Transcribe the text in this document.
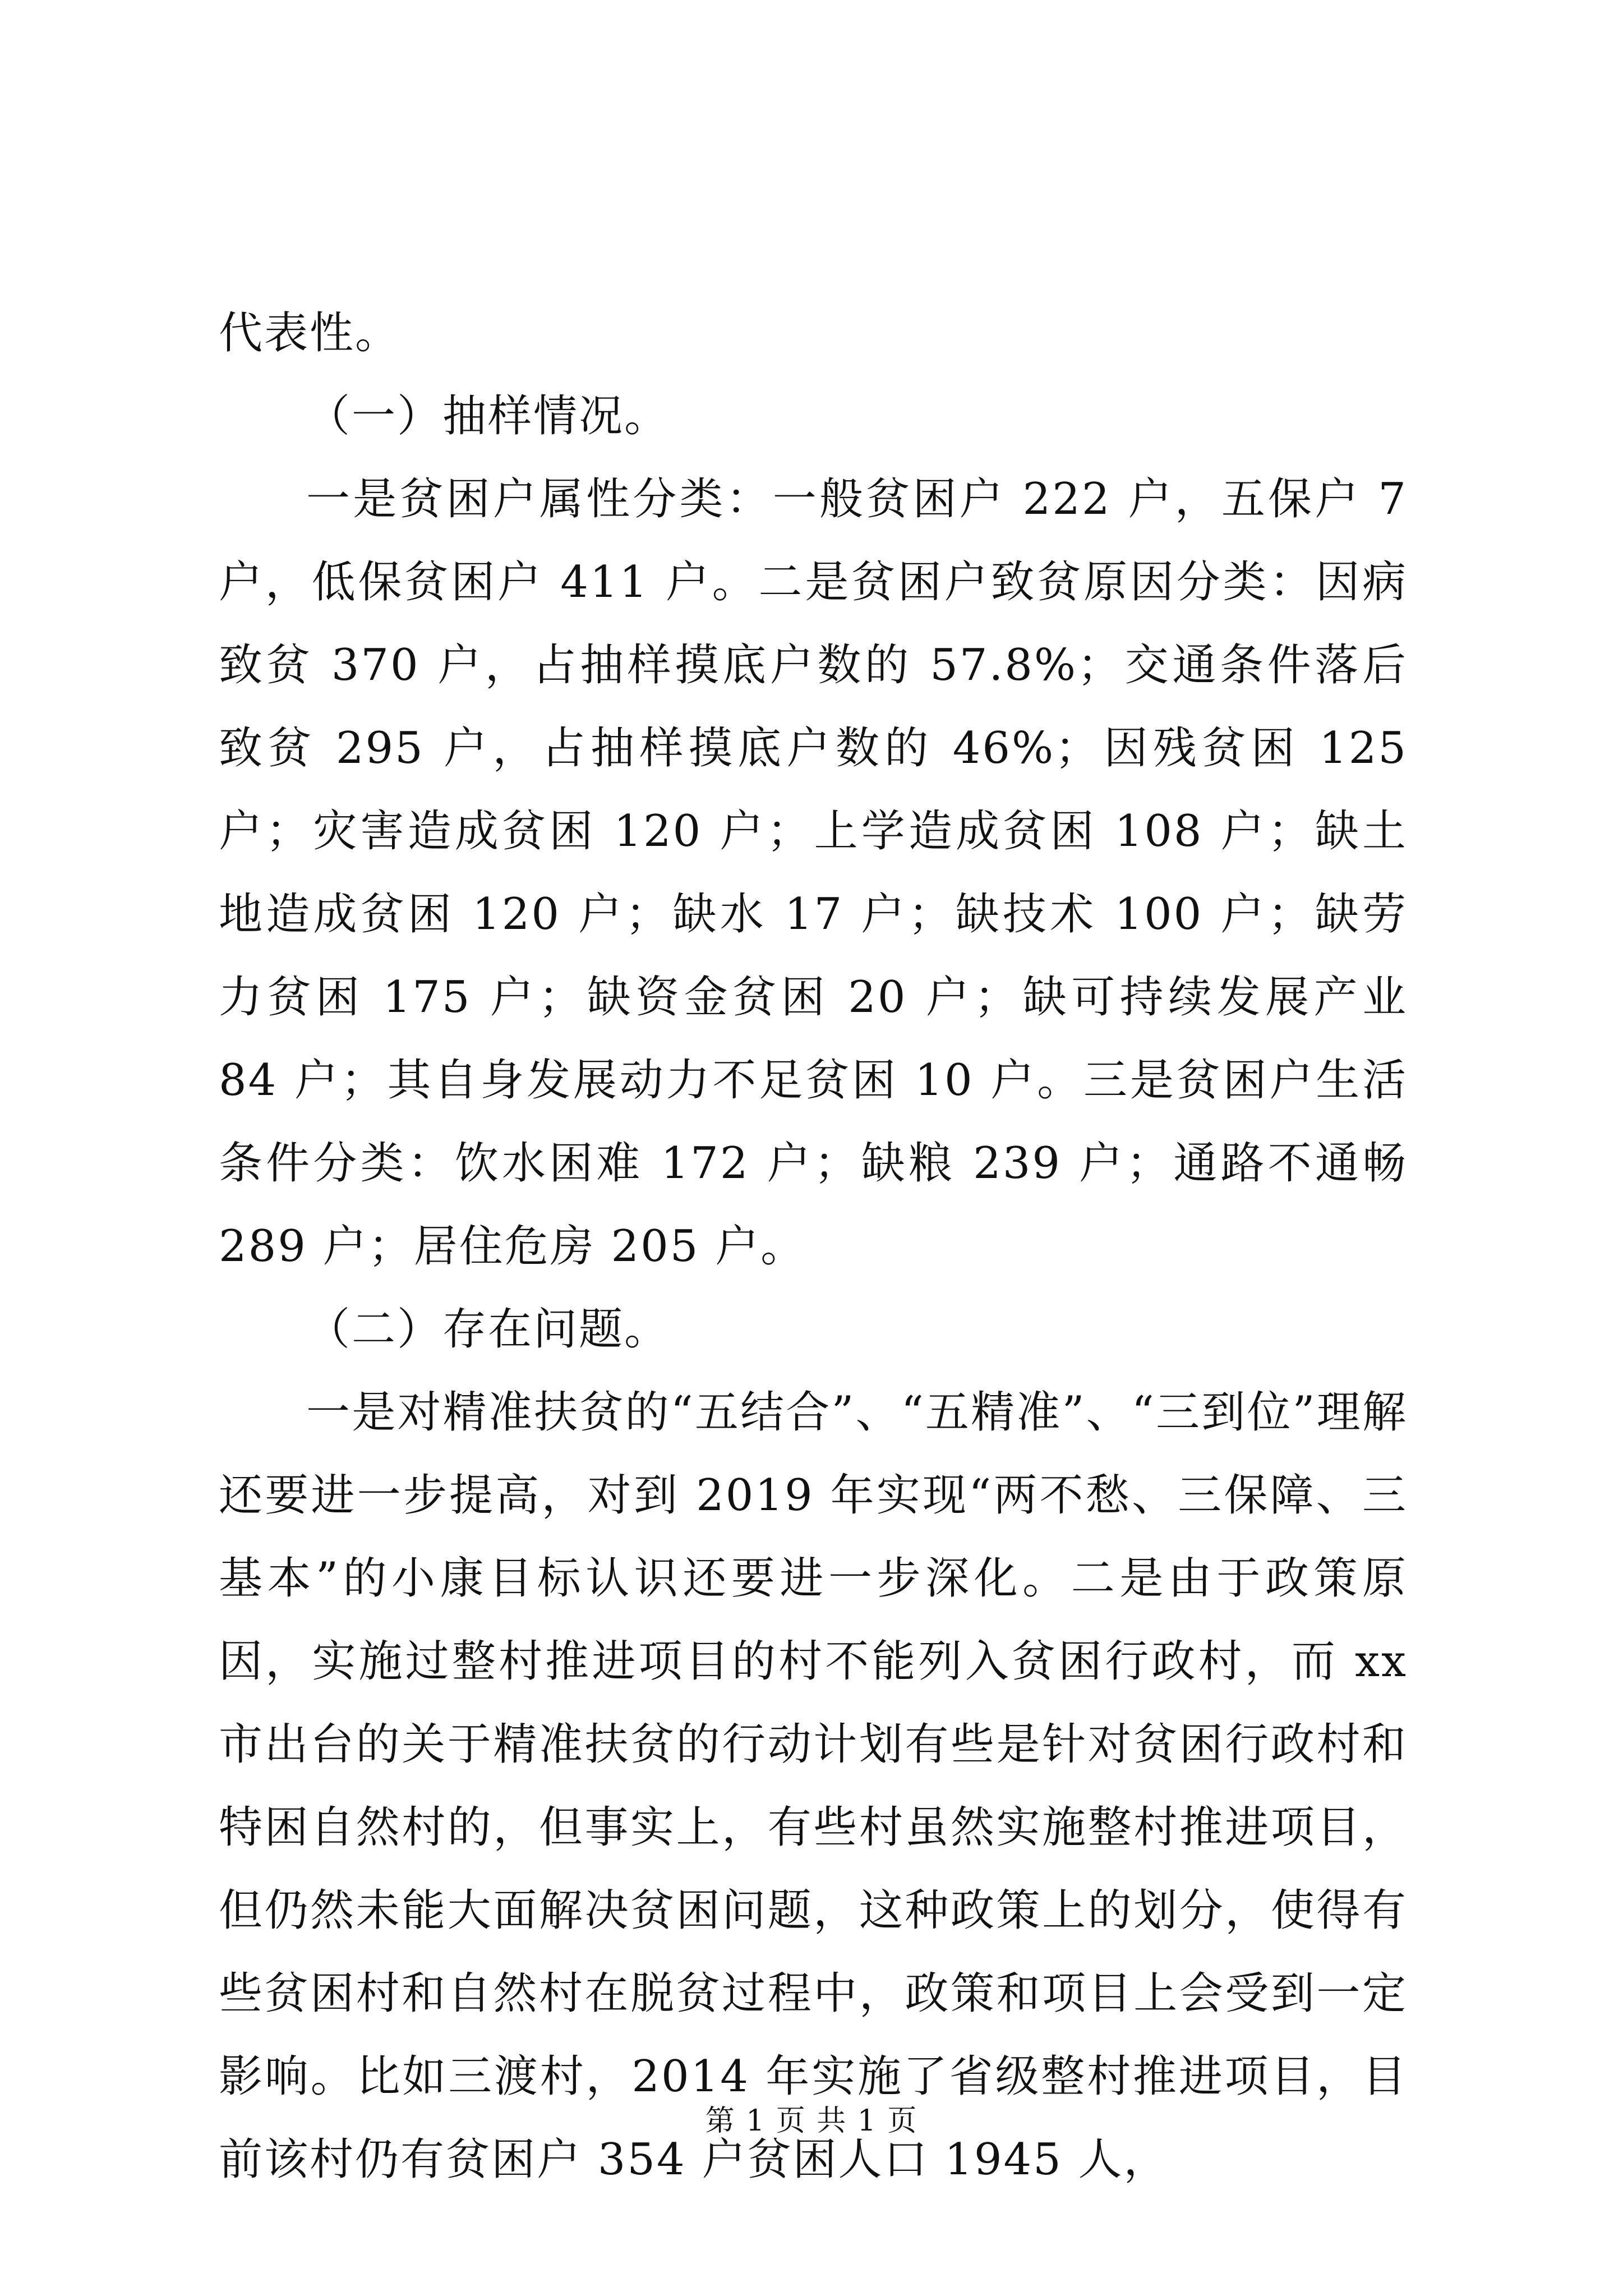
代表性。

（一）抽样情况。

一是贫困户属性分类：一般贫困户 222 户，五保户 7 户，低保贫困户 411 户。二是贫困户致贫原因分类：因病致贫 370 户，占抽样摸底户数的 57.8%；交通条件落后致贫 295 户，占抽样摸底户数的 46%；因残贫困 125 户；灾害造成贫困 120 户；上学造成贫困 108 户；缺土地造成贫困 120 户；缺水 17 户；缺技术 100 户；缺劳力贫困 175 户；缺资金贫困 20 户；缺可持续发展产业 84 户；其自身发展动力不足贫困 10 户。三是贫困户生活条件分类：饮水困难 172 户；缺粮 239 户；通路不通畅 289 户；居住危房 205 户。

（二）存在问题。

一是对精准扶贫的“五结合”、“五精准”、“三到位”理解还要进一步提高，对到 2019 年实现“两不愁、三保障、三基本”的小康目标认识还要进一步深化。二是由于政策原因，实施过整村推进项目的村不能列入贫困行政村，而 xx 市出台的关于精准扶贫的行动计划有些是针对贫困行政村和特困自然村的，但事实上，有些村虽然实施整村推进项目，但仍然未能大面解决贫困问题，这种政策上的划分，使得有些贫困村和自然村在脱贫过程中，政策和项目上会受到一定影响。比如三渡村，2014 年实施了省级整村推进项目，目前该村仍有贫困户 354 户贫困人口 1945 人，

第 1 页 共 1 页
